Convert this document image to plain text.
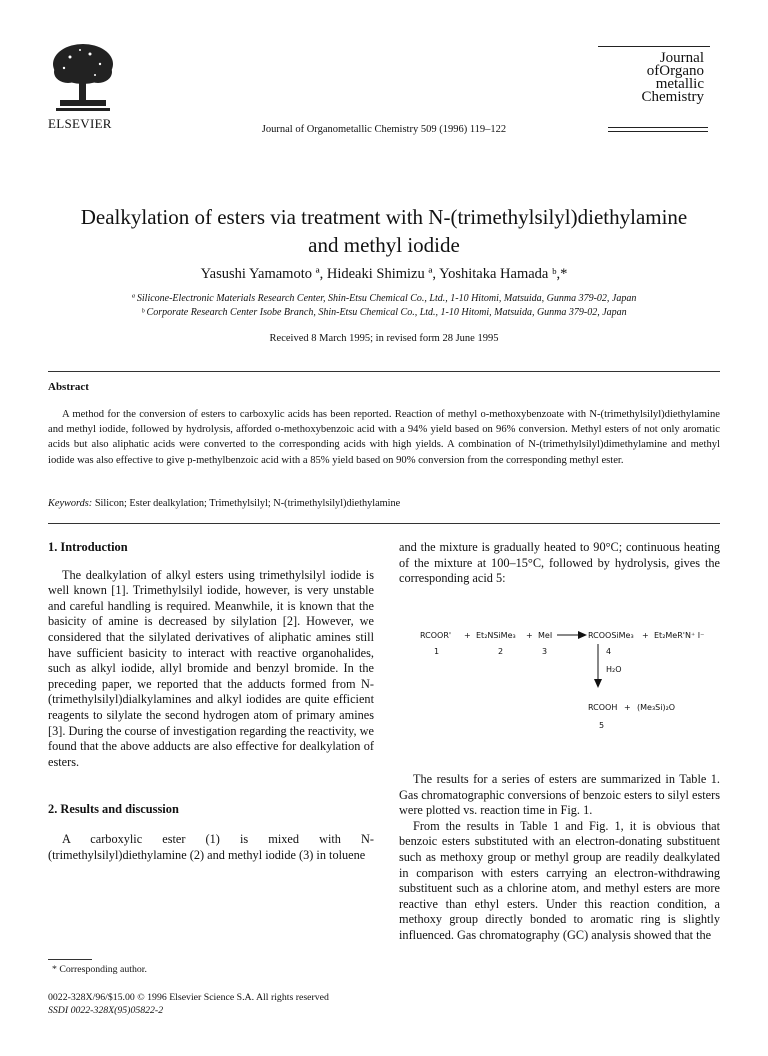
ELSEVIER	Journal of Organometallic Chemistry 509 (1996) 119–122
Journal
ofOrgano
metallic
Chemistry
Dealkylation of esters via treatment with N-(trimethylsilyl)diethylamine
and methyl iodide
Yasushi Yamamoto ª, Hideaki Shimizu ª, Yoshitaka Hamada ᵇ,*
ª Silicone-Electronic Materials Research Center, Shin-Etsu Chemical Co., Ltd., 1-10 Hitomi, Matsuida, Gunma 379-02, Japan
ᵇ Corporate Research Center Isobe Branch, Shin-Etsu Chemical Co., Ltd., 1-10 Hitomi, Matsuida, Gunma 379-02, Japan
Received 8 March 1995; in revised form 28 June 1995
Abstract
A method for the conversion of esters to carboxylic acids has been reported. Reaction of methyl o-methoxybenzoate with N-(trimethylsilyl)diethylamine and methyl iodide, followed by hydrolysis, afforded o-methoxybenzoic acid with a 94% yield based on 96% conversion. Methyl esters of not only aromatic acids but also aliphatic acids were converted to the corresponding acids with high yields. A combination of N-(trimethylsilyl)dimethylamine and methyl iodide was also effective to give p-methylbenzoic acid with a 85% yield based on 90% conversion from the corresponding methyl ester.
Keywords: Silicon; Ester dealkylation; Trimethylsilyl; N-(trimethylsilyl)diethylamine

1. Introduction

The dealkylation of alkyl esters using trimethylsilyl iodide is well known [1]. Trimethylsilyl iodide, however, is very unstable and careful handling is required. Meanwhile, it is known that the basicity of amine is decreased by silylation [2]. However, we considered that the silylated derivatives of aliphatic amines still have sufficient basicity to interact with reactive organohalides, such as alkyl iodide, allyl bromide and benzyl bromide. In the preceding paper, we reported that the adducts formed from N-(trimethylsilyl)dialkylamines and alkyl iodides are quite efficient reagents to silylate the second hydrogen atom of primary amines [3]. During the course of investigation regarding the reactivity, we found that the above adducts are also effective for dealkylation of esters.

2. Results and discussion

A carboxylic ester (1) is mixed with N-(trimethylsilyl)diethylamine (2) and methyl iodide (3) in toluene

and the mixture is gradually heated to 90°C; continuous heating of the mixture at 100–15°C, followed by hydrolysis, gives the corresponding acid 5:

RCOOR' + Et₂NSiMe₃ + MeI	RCOOSiMe₃ + Et₂MeR'N⁺ I⁻
1	2	3	4
H₂O
RCOOH + (Me₃Si)₂O
5

The results for a series of esters are summarized in Table 1. Gas chromatographic conversions of benzoic esters to silyl esters were plotted vs. reaction time in Fig. 1.

From the results in Table 1 and Fig. 1, it is obvious that benzoic esters substituted with an electron-donating substituent such as methoxy group or methyl group are readily dealkylated in comparison with esters carrying an electron-withdrawing substituent such as a chlorine atom, and methyl esters are more reactive than ethyl esters. Under this reaction condition, a methoxy group directly bonded to aromatic ring is slightly influenced. Gas chromatography (GC) analysis showed that the

* Corresponding author.
0022-328X/96/$15.00 © 1996 Elsevier Science S.A. All rights reserved
SSDI 0022-328X(95)05822-2
